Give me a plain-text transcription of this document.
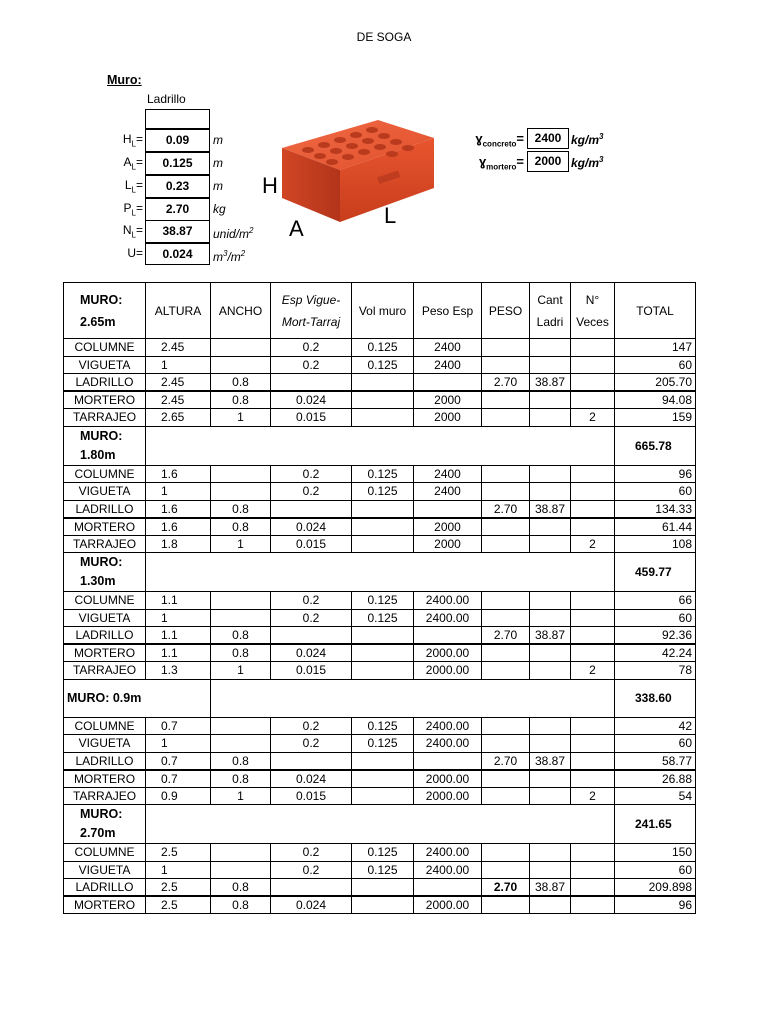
DE SOGA
Muro:
Ladrillo
$H_L=$	0.09	m
$A_L=$	0.125	m
$L_L=$	0.23	m
$P_L=$	2.70	kg
$N_L=$	38.87	unid/$m^2$
U=	0.024	$m^3/m^2$
ɣ$_{concreto}$= 2400 $kg/m^3$
ɣ$_{mortero}$= 2000 $kg/m^3$
H
A
L
MURO: 2.65m	ALTURA	ANCHO	Esp Vigue-Mort-Tarraj	Vol muro	Peso Esp	PESO	Cant Ladri	N° Veces	TOTAL
COLUMNE	2.45		0.2	0.125	2400				147
VIGUETA	1		0.2	0.125	2400				60
LADRILLO	2.45	0.8				2.70	38.87		205.70
MORTERO	2.45	0.8	0.024		2000				94.08
TARRAJEO	2.65	1	0.015		2000			2	159
MURO: 1.80m									665.78
COLUMNE	1.6		0.2	0.125	2400				96
VIGUETA	1		0.2	0.125	2400				60
LADRILLO	1.6	0.8				2.70	38.87		134.33
MORTERO	1.6	0.8	0.024		2000				61.44
TARRAJEO	1.8	1	0.015		2000			2	108
MURO: 1.30m									459.77
COLUMNE	1.1		0.2	0.125	2400.00				66
VIGUETA	1		0.2	0.125	2400.00				60
LADRILLO	1.1	0.8				2.70	38.87		92.36
MORTERO	1.1	0.8	0.024		2000.00				42.24
TARRAJEO	1.3	1	0.015		2000.00			2	78
MURO: 0.9m									338.60
COLUMNE	0.7		0.2	0.125	2400.00				42
VIGUETA	1		0.2	0.125	2400.00				60
LADRILLO	0.7	0.8				2.70	38.87		58.77
MORTERO	0.7	0.8	0.024		2000.00				26.88
TARRAJEO	0.9	1	0.015		2000.00			2	54
MURO: 2.70m									241.65
COLUMNE	2.5		0.2	0.125	2400.00				150
VIGUETA	1		0.2	0.125	2400.00				60
LADRILLO	2.5	0.8				2.70	38.87		209.898
MORTERO	2.5	0.8	0.024		2000.00				96
